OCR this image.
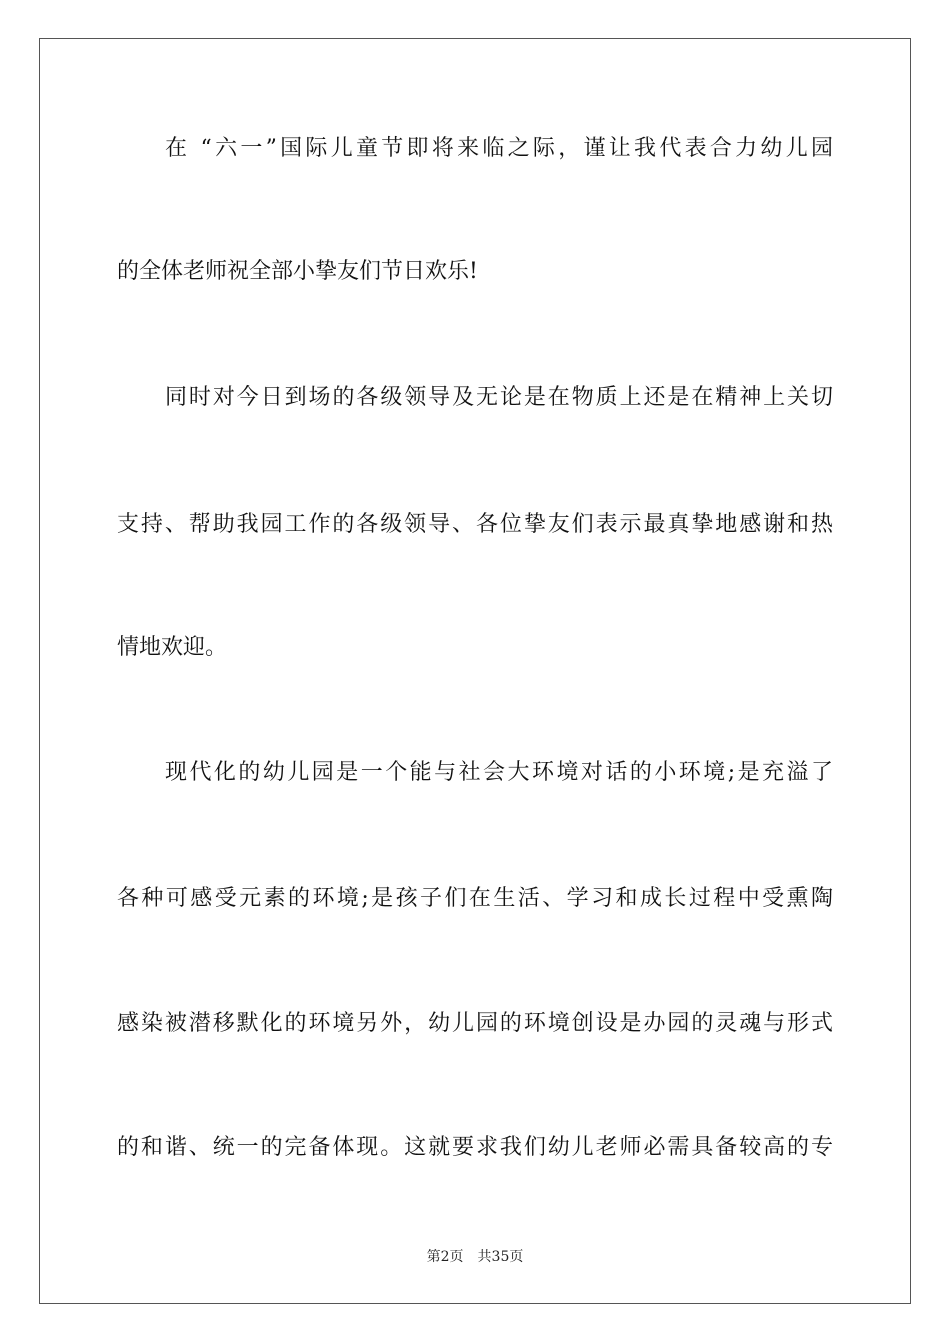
在 “六一”国际儿童节即将来临之际，谨让我代表合力幼儿园
的全体老师祝全部小挚友们节日欢乐!
同时对今日到场的各级领导及无论是在物质上还是在精神上关切
支持、帮助我园工作的各级领导、各位挚友们表示最真挚地感谢和热
情地欢迎。
现代化的幼儿园是一个能与社会大环境对话的小环境;是充溢了
各种可感受元素的环境;是孩子们在生活、学习和成长过程中受熏陶
感染被潜移默化的环境另外，幼儿园的环境创设是办园的灵魂与形式
的和谐、统一的完备体现。这就要求我们幼儿老师必需具备较高的专
第2页 共35页
